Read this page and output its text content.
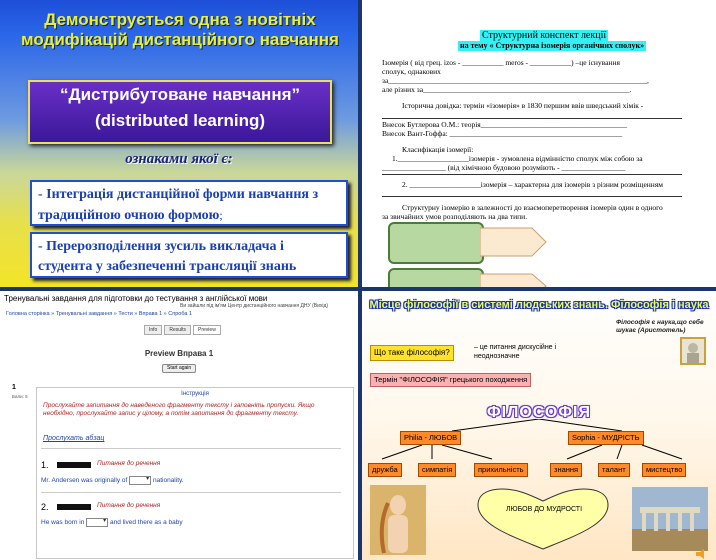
Демонструється одна з новітніх модифікацій дистанційного навчання
“Дистрибутоване навчання”
(distributed learning)
ознаками якої є:
- Інтеграція дистанційної форми навчання з традиційною очною формою;
- Перерозподілення зусиль викладача і студента у забезпеченні трансляції знань
Структурний конспект лекції
на тему « Структурна ізомерія органічних сполук»
Ізомерія ( від грец. izos - ___________ meros - ___________) –це існування
сполук, однакових
за_____________________________________________________________________,
але різних за_______________________________________________________.
Історична довідка: термін «ізомерія» в 1830 першим ввів шведський хімік -
Внесок Бутлерова О.М.: теорія_______________________________________
Внесок Вант-Гоффа: ______________________________________________
Класифікація ізомерії:
1.___________________ізомерія - зумовлена відмінністю сполук між собою за
_________________ (від хімічною будовою розуміють - _________________
2. ___________________ізомерія – характерна для ізомерів з різним розміщенням
Структурну ізомерію в залежності до взаємоперетворення ізомерів один в одного
за звичайних умов розподіляють на два типи.
Тренувальні завдання для підготовки до тестування з англійської мови
Ви зайшли під ім'ям Центр дистанційного навчання ДНУ (Вихід)
Головна сторінка » Тренувальні завдання » Тести » Вправа 1 » Спроба 1
Info	Results	Preview
Preview Вправа 1
Start again
1
Бали: 5	Інструкція
Прослухайте запитання до наведеного фрагменту тексту і заповніть пропуски. Якщо необхідно, прослухайте запис у цілому, а потім запитання до фрагменту тексту.
Прослухать абзац
1.	Питання до речення
Mr. Andersen was originally of ▾	nationality.
2.	Питання до речення
He was born in ▾	and lived there as a baby
Місце філософії в системі людських знань. Філософія і наука
Філософія є наука,що себе шукає (Аристотель)
Що таке філософія?
– це питання дискусійне і неоднозначне
Термін "ФІЛОСОФІЯ" грецького походження
ФІЛОСОФІЯ
Philia - ЛЮБОВ	Sophia - МУДРІСТЬ
дружба	симпатія	прихильність	знання	талант	мистецтво
ЛЮБОВ ДО МУДРОСТІ
